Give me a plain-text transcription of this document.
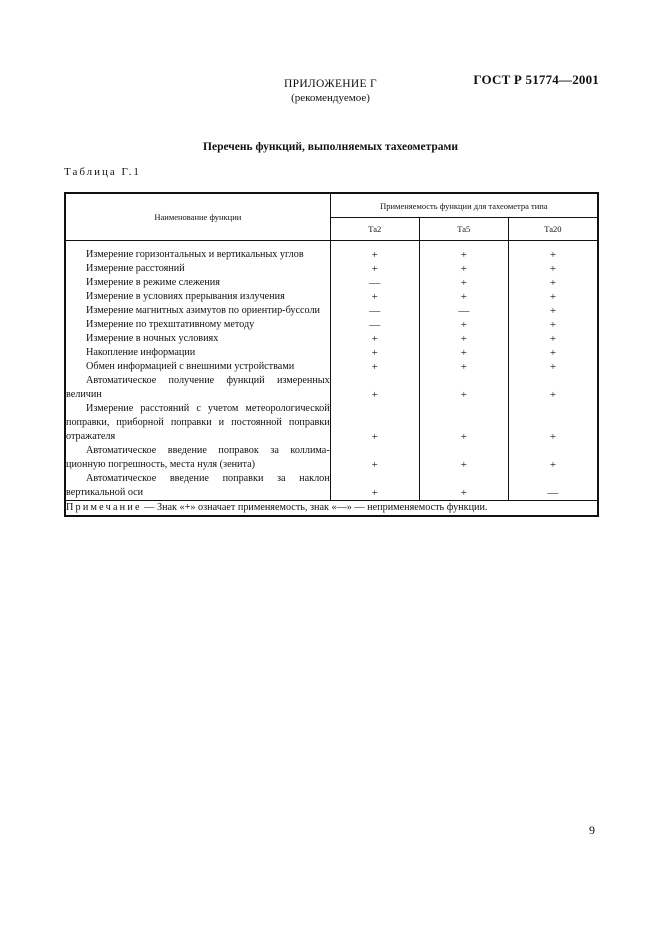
ГОСТ Р 51774—2001
ПРИЛОЖЕНИЕ Г
(рекомендуемое)
Перечень функций, выполняемых тахеометрами
Таблица Г.1
Наименование функции	Применяемость функции для тахеометра типа		
	Та2	Та5	Та20
Измерение горизонтальных и вертикальных углов	+	+	+
Измерение расстояний	+	+	+
Измерение в режиме слежения	—	+	+
Измерение в условиях прерывания излучения	+	+	+
Измерение магнитных азимутов по ориентир-буссоли	—	—	+
Измерение по трехштативному методу	—	+	+
Измерение в ночных условиях	+	+	+
Накопление информации	+	+	+
Обмен информацией с внешними устройствами	+	+	+
Автоматическое получение функций измеренных величин	+	+	+
Измерение расстояний с учетом метеорологической поправки, приборной поправки и постоянной поправки отражателя	+	+	+
Автоматическое введение поправок за коллимационную погрешность, места нуля (зенита)	+	+	+
Автоматическое введение поправки за наклон вертикальной оси	+	+	—
Примечание — Знак «+» означает применяемость, знак «—» — неприменяемость функции.			
9
